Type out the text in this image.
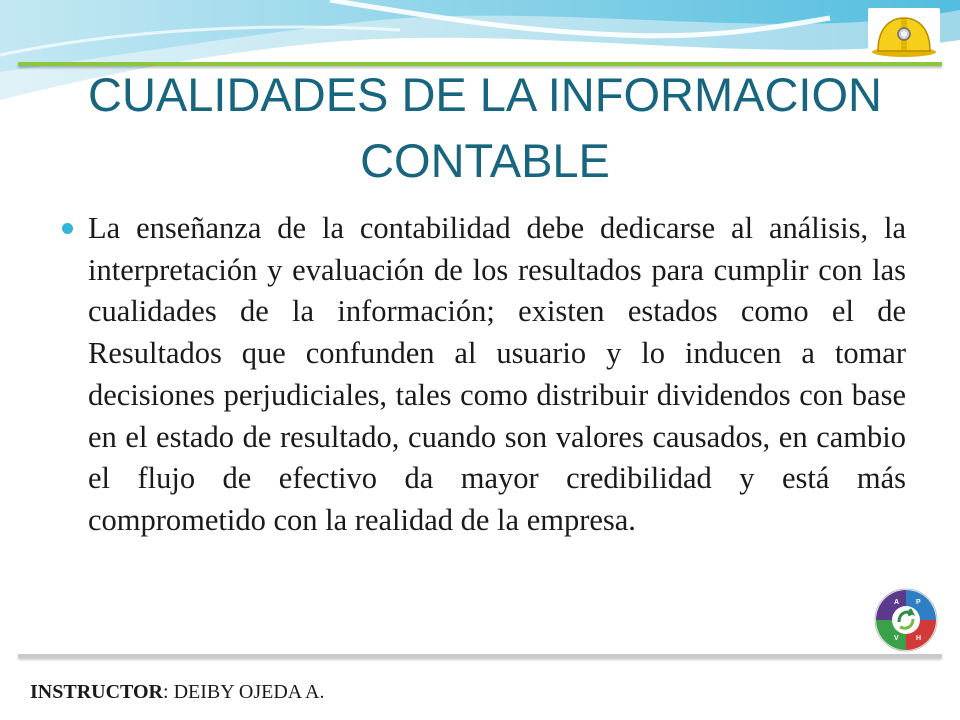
CUALIDADES DE LA INFORMACION
CONTABLE

La enseñanza de la contabilidad debe dedicarse al análisis, la interpretación y evaluación de los resultados para cumplir con las cualidades de la información; existen estados como el de Resultados que confunden al usuario y lo inducen a tomar decisiones perjudiciales, tales como distribuir dividendos con base en el estado de resultado, cuando son valores causados, en cambio el flujo de efectivo da mayor credibilidad y está más comprometido con la realidad de la empresa.

A P
V H
INSTRUCTOR: DEIBY OJEDA A.
